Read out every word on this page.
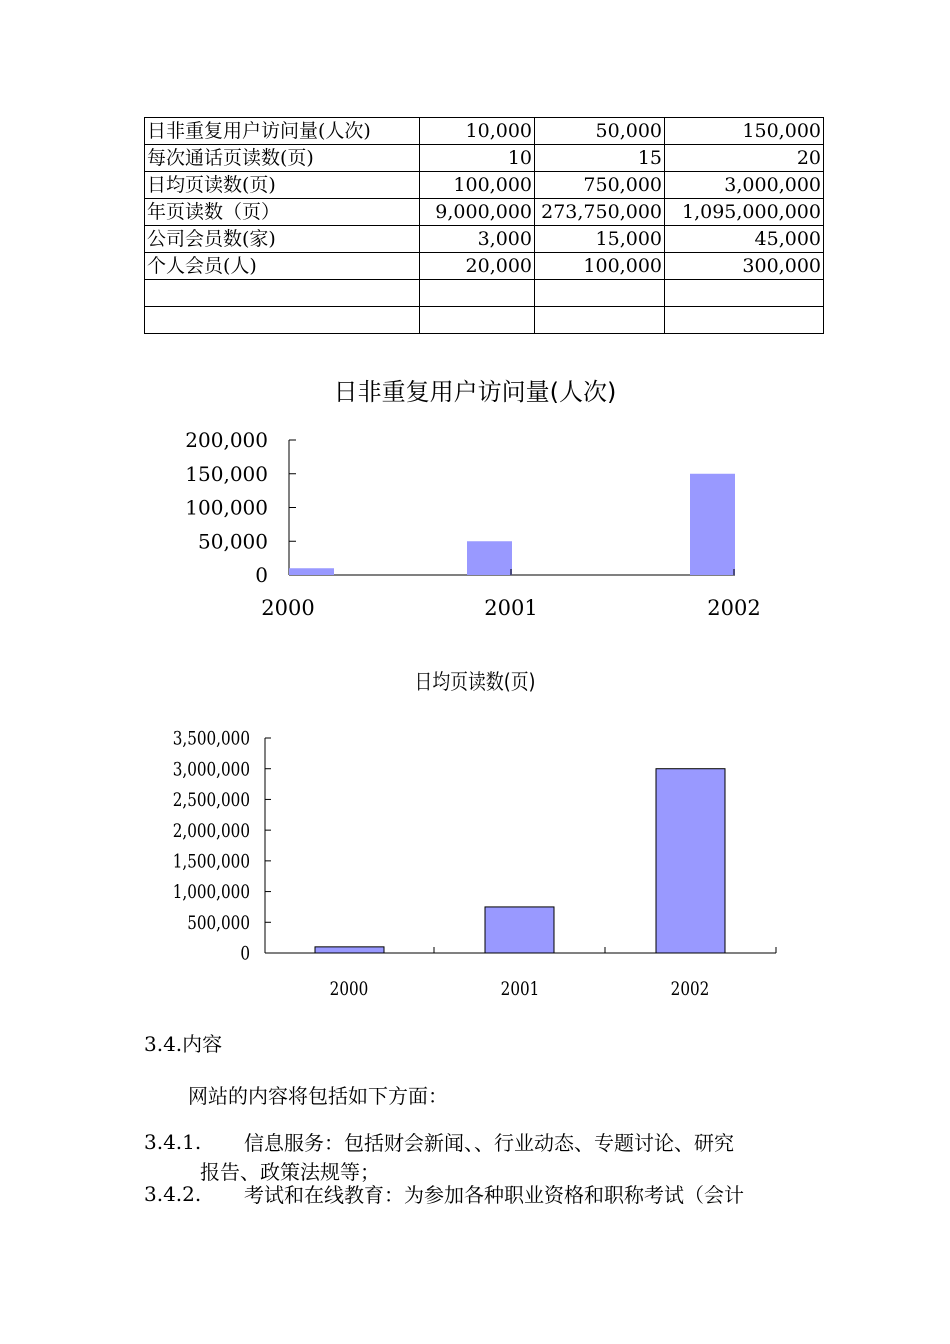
日非重复用户访问量(人次)	10,000	50,000	150,000
每次通话页读数(页)	10	15	20
日均页读数(页)	100,000	750,000	3,000,000
年页读数（页）	9,000,000	273,750,000	1,095,000,000
公司会员数(家)	3,000	15,000	45,000
个人会员(人)	20,000	100,000	300,000

日非重复用户访问量(人次)
0
50,000
100,000
150,000
200,000
2000	2001	2002
日均页读数(页)
0
500,000
1,000,000
1,500,000
2,000,000
2,500,000
3,000,000
3,500,000
2000	2001	2002
3.4.内容
网站的内容将包括如下方面：
3.4.1. 信息服务：包括财会新闻、、行业动态、专题讨论、研究
报告、政策法规等；
3.4.2. 考试和在线教育：为参加各种职业资格和职称考试（会计
